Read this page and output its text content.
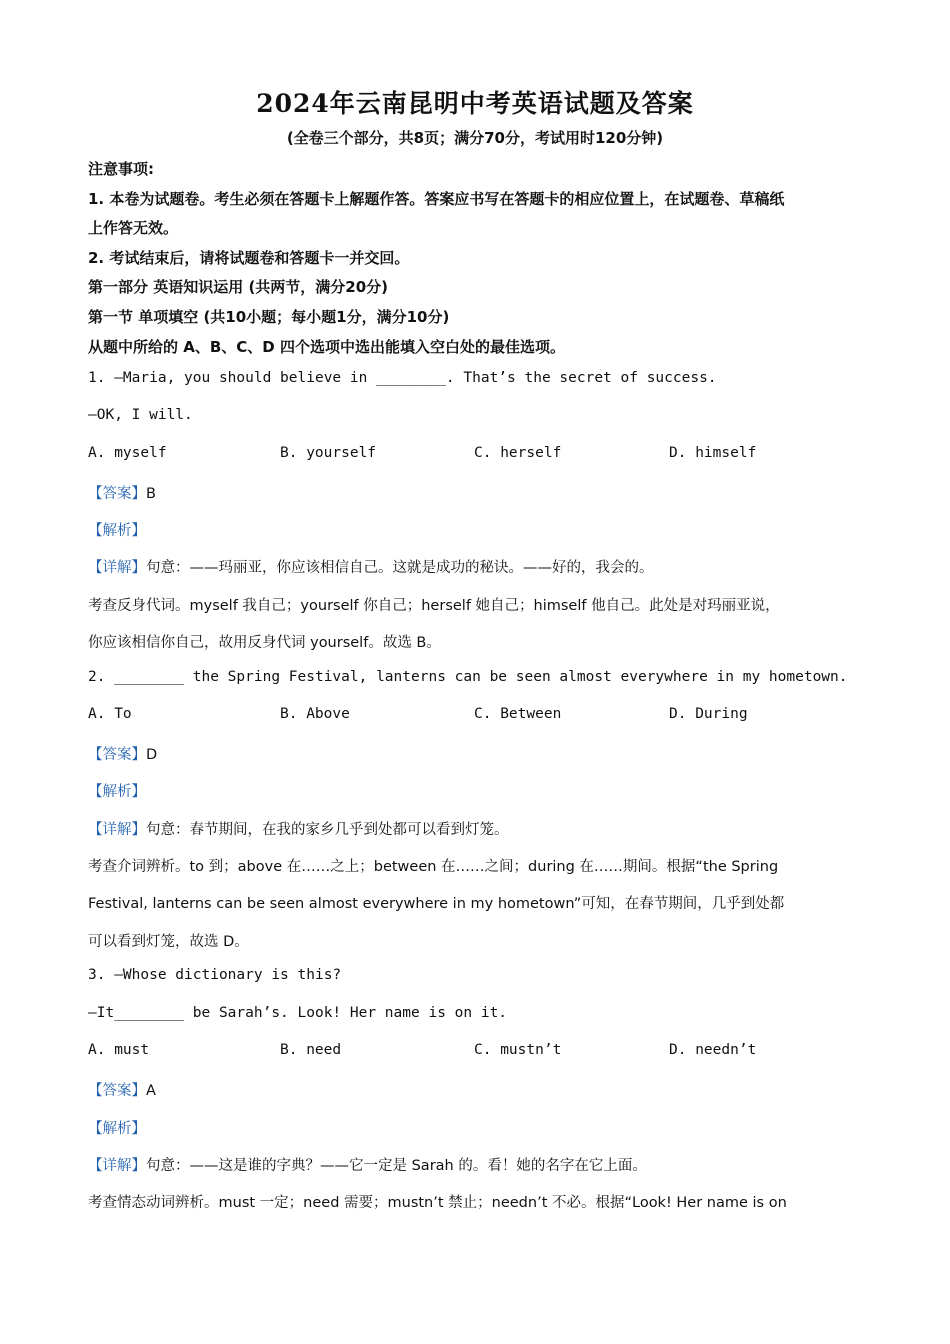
2024年云南昆明中考英语试题及答案
(全卷三个部分，共8页；满分70分，考试用时120分钟)
注意事项:
1. 本卷为试题卷。考生必须在答题卡上解题作答。答案应书写在答题卡的相应位置上，在试题卷、草稿纸
上作答无效。
2. 考试结束后，请将试题卷和答题卡一并交回。
第一部分 英语知识运用 (共两节，满分20分)
第一节 单项填空 (共10小题；每小题1分，满分10分)
从题中所给的 A、B、C、D 四个选项中选出能填入空白处的最佳选项。
1. —Maria, you should believe in ________. That’s the secret of success.
—OK, I will.
A. myself	B. yourself	C. herself	D. himself
【答案】B
【解析】
【详解】句意：——玛丽亚，你应该相信自己。这就是成功的秘诀。——好的，我会的。
考查反身代词。myself 我自己；yourself 你自己；herself 她自己；himself 他自己。此处是对玛丽亚说，
你应该相信你自己，故用反身代词 yourself。故选 B。
2. ________ the Spring Festival, lanterns can be seen almost everywhere in my hometown.
A. To	B. Above	C. Between	D. During
【答案】D
【解析】
【详解】句意：春节期间，在我的家乡几乎到处都可以看到灯笼。
考查介词辨析。to 到；above 在……之上；between 在……之间；during 在……期间。根据“the Spring
Festival, lanterns can be seen almost everywhere in my hometown”可知，在春节期间，几乎到处都
可以看到灯笼，故选 D。
3. —Whose dictionary is this?
—It________ be Sarah’s. Look! Her name is on it.
A. must	B. need	C. mustn’t	D. needn’t
【答案】A
【解析】
【详解】句意：——这是谁的字典？——它一定是 Sarah 的。看！她的名字在它上面。
考查情态动词辨析。must 一定；need 需要；mustn’t 禁止；needn’t 不必。根据“Look! Her name is on
